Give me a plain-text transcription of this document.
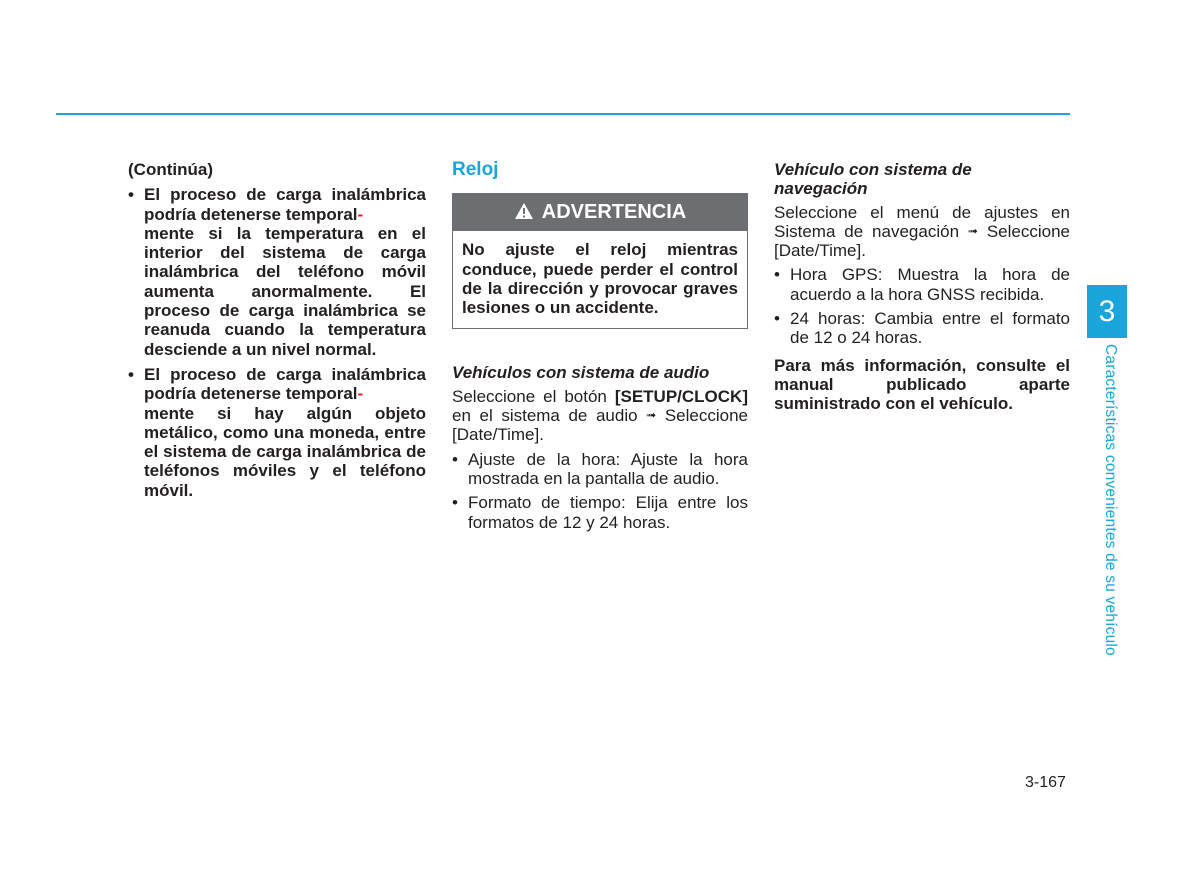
(Continúa)

• El proceso de carga inalámbrica podría detenerse temporal-
mente si la temperatura en el interior del sistema de carga inalámbrica del teléfono móvil aumenta anormalmente. El proceso de carga inalámbrica se reanuda cuando la temperatura desciende a un nivel normal.
• El proceso de carga inalámbrica podría detenerse temporal-
mente si hay algún objeto metálico, como una moneda, entre el sistema de carga inalámbrica de teléfonos móviles y el teléfono móvil.

Reloj

ADVERTENCIA
No ajuste el reloj mientras conduce, puede perder el control de la dirección y provocar graves lesiones o un accidente.

Vehículos con sistema de audio

Seleccione el botón [SETUP/CLOCK] en el sistema de audio ➟ Seleccione [Date/Time].

• Ajuste de la hora: Ajuste la hora mostrada en la pantalla de audio.
• Formato de tiempo: Elija entre los formatos de 12 y 24 horas.

Vehículo con sistema de navegación

Seleccione el menú de ajustes en Sistema de navegación ➟ Seleccione [Date/Time].

• Hora GPS: Muestra la hora de acuerdo a la hora GNSS recibida.
• 24 horas: Cambia entre el formato de 12 o 24 horas.

Para más información, consulte el manual publicado aparte suministrado con el vehículo.

3
Características convenientes de su vehículo
3-167
